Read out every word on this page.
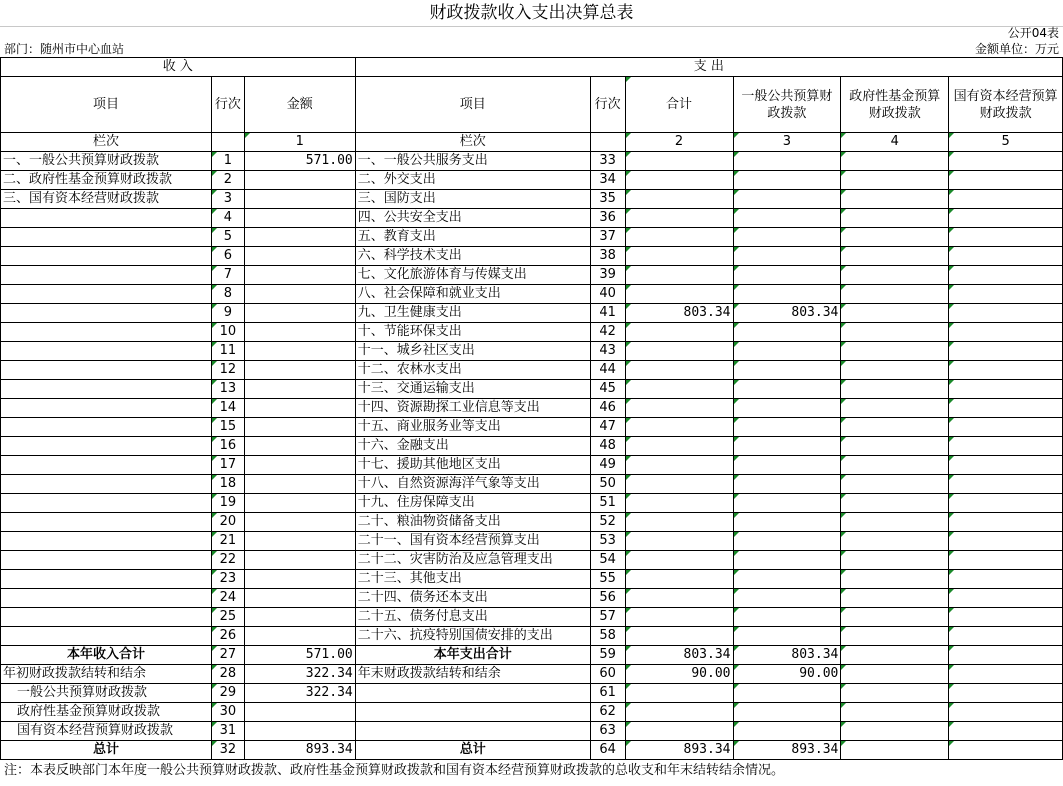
财政拨款收入支出决算总表
公开04表
部门：随州市中心血站	金额单位：万元
收 入			支 出					
项目	行次	金额	项目	行次	合计	一般公共预算财政拨款	政府性基金预算财政拨款	国有资本经营预算财政拨款
栏次		1	栏次		2	3	4	5
一、一般公共预算财政拨款	1	571.00	一、一般公共服务支出	33				
二、政府性基金预算财政拨款	2		二、外交支出	34				
三、国有资本经营财政拨款	3		三、国防支出	35				
	4		四、公共安全支出	36				
	5		五、教育支出	37				
	6		六、科学技术支出	38				
	7		七、文化旅游体育与传媒支出	39				
	8		八、社会保障和就业支出	40				
	9		九、卫生健康支出	41	803.34	803.34		
	10		十、节能环保支出	42				
	11		十一、城乡社区支出	43				
	12		十二、农林水支出	44				
	13		十三、交通运输支出	45				
	14		十四、资源勘探工业信息等支出	46				
	15		十五、商业服务业等支出	47				
	16		十六、金融支出	48				
	17		十七、援助其他地区支出	49				
	18		十八、自然资源海洋气象等支出	50				
	19		十九、住房保障支出	51				
	20		二十、粮油物资储备支出	52				
	21		二十一、国有资本经营预算支出	53				
	22		二十二、灾害防治及应急管理支出	54				
	23		二十三、其他支出	55				
	24		二十四、债务还本支出	56				
	25		二十五、债务付息支出	57				
	26		二十六、抗疫特别国债安排的支出	58				
本年收入合计	27	571.00	本年支出合计	59	803.34	803.34		
年初财政拨款结转和结余	28	322.34	年末财政拨款结转和结余	60	90.00	90.00		
一般公共预算财政拨款	29	322.34		61				
政府性基金预算财政拨款	30			62				
国有资本经营预算财政拨款	31			63				
总计	32	893.34	总计	64	893.34	893.34		
注：本表反映部门本年度一般公共预算财政拨款、政府性基金预算财政拨款和国有资本经营预算财政拨款的总收支和年末结转结余情况。
